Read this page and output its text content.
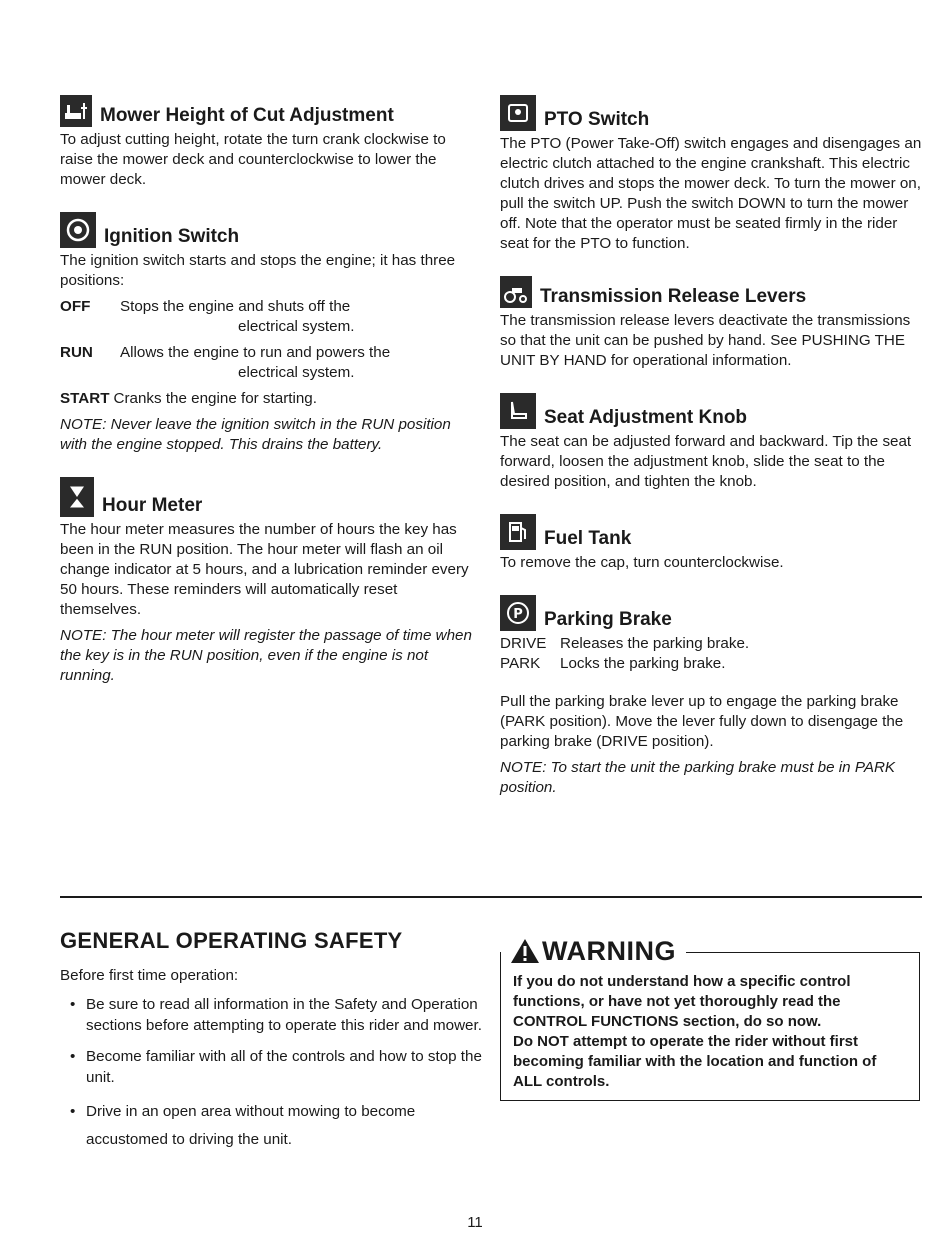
Mower Height of Cut Adjustment

To adjust cutting height, rotate the turn crank clockwise to raise the mower deck and counterclockwise to lower the mower deck.

Ignition Switch

The ignition switch starts and stops the engine; it has three positions:

OFF	Stops the engine and shuts off the

electrical system.

RUN	Allows the engine to run and powers the

electrical system.

START Cranks the engine for starting.

NOTE: Never leave the ignition switch in the RUN position with the engine stopped. This drains the battery.

Hour Meter

The hour meter measures the number of hours the key has been in the RUN position. The hour meter will flash an oil change indicator at 5 hours, and a lubrication reminder every 50 hours. These reminders will automatically reset themselves.

NOTE: The hour meter will register the passage of time when the key is in the RUN position, even if the engine is not running.

PTO Switch

The PTO (Power Take-Off) switch engages and disengages an electric clutch attached to the engine crankshaft. This electric clutch drives and stops the mower deck. To turn the mower on, pull the switch UP. Push the switch DOWN to turn the mower off. Note that the operator must be seated firmly in the rider seat for the PTO to function.

Transmission Release Levers

The transmission release levers deactivate the transmissions so that the unit can be pushed by hand. See PUSHING THE UNIT BY HAND for operational information.

Seat Adjustment Knob

The seat can be adjusted forward and backward. Tip the seat forward, loosen the adjustment knob, slide the seat to the desired position, and tighten the knob.

Fuel Tank

To remove the cap, turn counterclockwise.

P Parking Brake
DRIVE Releases the parking brake.
PARK	Locks the parking brake.

Pull the parking brake lever up to engage the parking brake (PARK position). Move the lever fully down to disengage the parking brake (DRIVE position).

NOTE: To start the unit the parking brake must be in PARK position.

GENERAL OPERATING SAFETY

Before first time operation:

• Be sure to read all information in the Safety and Operation sections before attempting to operate this rider and mower.
• Become familiar with all of the controls and how to stop the unit.
• Drive in an open area without mowing to become accustomed to driving the unit.
WARNING

If you do not understand how a specific control functions, or have not yet thoroughly read the CONTROL FUNCTIONS section, do so now.

Do NOT attempt to operate the rider without first becoming familiar with the location and function of ALL controls.

11
